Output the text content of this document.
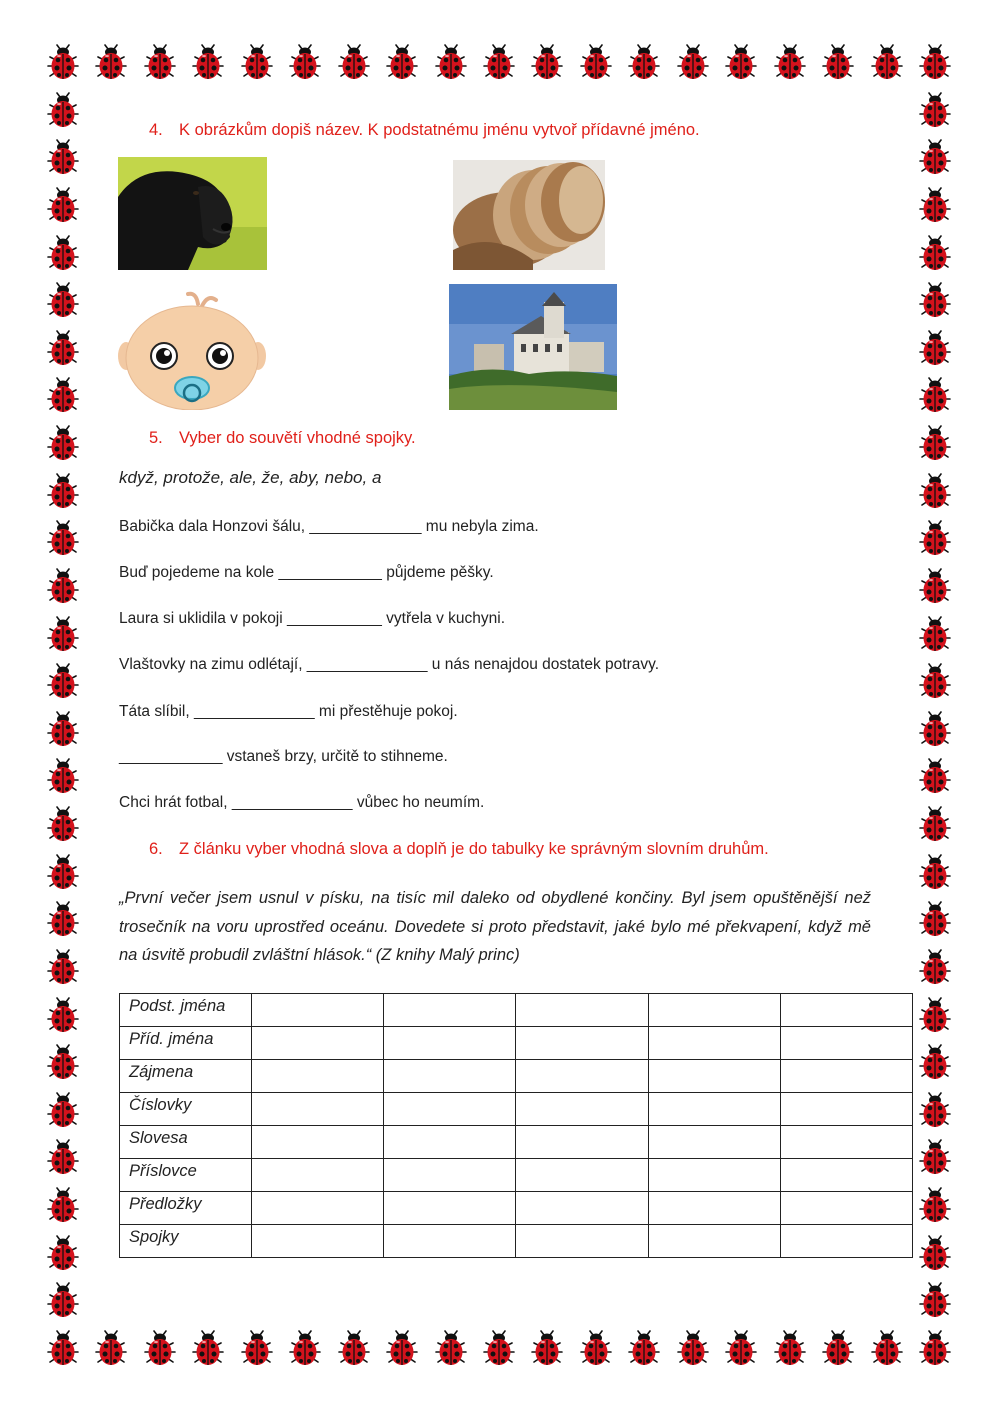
4. K obrázkům dopiš název. K podstatnému jménu vytvoř přídavné jméno.
5. Vyber do souvětí vhodné spojky.
když, protože, ale, že, aby, nebo, a
Babička dala Honzovi šálu, _____________ mu nebyla zima.
Buď pojedeme na kole ____________ půjdeme pěšky.
Laura si uklidila v pokoji ___________ vytřela v kuchyni.
Vlaštovky na zimu odlétají, ______________ u nás nenajdou dostatek potravy.
Táta slíbil, ______________ mi přestěhuje pokoj.
____________ vstaneš brzy, určitě to stihneme.
Chci hrát fotbal, ______________ vůbec ho neumím.
6. Z článku vyber vhodná slova a doplň je do tabulky ke správným slovním druhům.
„První večer jsem usnul v písku, na tisíc mil daleko od obydlené končiny. Byl jsem opuštěnější než trosečník na voru uprostřed oceánu. Dovedete si proto představit, jaké bylo mé překvapení, když mě na úsvitě probudil zvláštní hlások.“ (Z knihy Malý princ)
Podst. jména					
Příd. jména					
Zájmena					
Číslovky					
Slovesa					
Příslovce					
Předložky					
Spojky					
